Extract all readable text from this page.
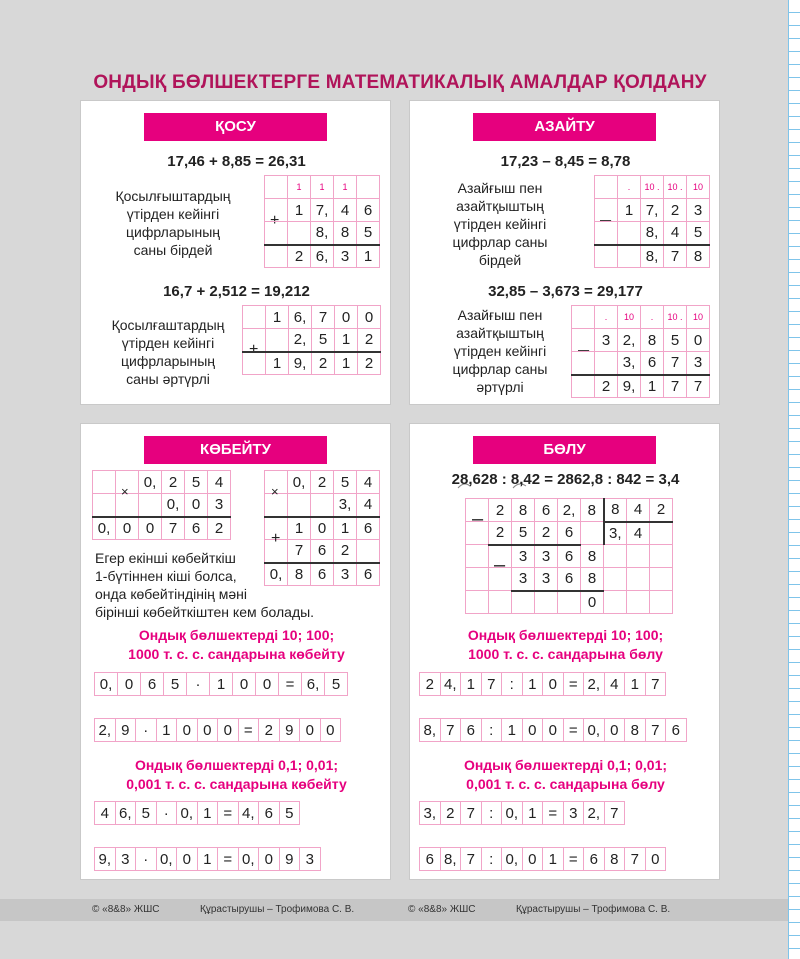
ОНДЫҚ БӨЛШЕКТЕРГЕ МАТЕМАТИКАЛЫҚ АМАЛДАР ҚОЛДАНУ
ҚОСУ
17,46 + 8,85 = 26,31
Қосылғыштардың
үтірден кейінгі
цифрларының
саны бірдей
+
	1	1	1	
	1	7,	4	6
		8,	8	5
	2	6,	3	1
16,7 + 2,512 = 19,212
Қосылғаштардың
үтірден кейінгі
цифрларының
саны әртүрлі
+
	1	6,	7	0	0
		2,	5	1	2
	1	9,	2	1	2
АЗАЙТУ
17,23 – 8,45 = 8,78
Азайғыш пен
азайтқыштың
үтірден кейінгі
цифрлар саны
бірдей
–
	.	10 .	10 .	10
	1	7,	2	3
		8,	4	5
		8,	7	8
32,85 – 3,673 = 29,177
Азайғыш пен
азайтқыштың
үтірден кейінгі
цифрлар саны
әртүрлі
–
	.	10	.	10 .	10
	3	2,	8	5	0
		3,	6	7	3
	2	9,	1	7	7
КӨБЕЙТУ
		0,	2	5	4
			0,	0	3
0,	0	0	7	6	2
×
	0,	2	5	4
			3,	4
	1	0	1	6
	7	6	2	
0,	8	6	3	6
×
+
Егер екінші көбейткіш
1-бүтіннен кіші болса,
онда көбейтіндінің мәні
бірінші көбейткіштен кем болады.
Ондық бөлшектерді 10; 100;
1000 т. с. с. сандарына көбейту
0,	0	6	5	·	1	0	0	=	6,	5
2,	9	·	1	0	0	0	=	2	9	0	0
Ондық бөлшектерді 0,1; 0,01;
0,001 т. с. с. сандарына көбейту
4	6,	5	·	0,	1	=	4,	6	5
9,	3	·	0,	0	1	=	0,	0	9	3
БӨЛУ
28,628 : 8,42 = 2862,8 : 842 = 3,4
–
–
	2	8	6	2,	8	8	4	2
	2	5	2	6		3,	4	
		3	3	6	8			
		3	3	6	8			
					0			
Ондық бөлшектерді 10; 100;
1000 т. с. с. сандарына бөлу
2	4,	1	7	:	1	0	=	2,	4	1	7
8,	7	6	:	1	0	0	=	0,	0	8	7	6
Ондық бөлшектерді 0,1; 0,01;
0,001 т. с. с. сандарына бөлу
3,	2	7	:	0,	1	=	3	2,	7
6	8,	7	:	0,	0	1	=	6	8	7	0
© «8&8» ЖШС	Құрастырушы – Трофимова С. В.	© «8&8» ЖШС	Құрастырушы – Трофимова С. В.
